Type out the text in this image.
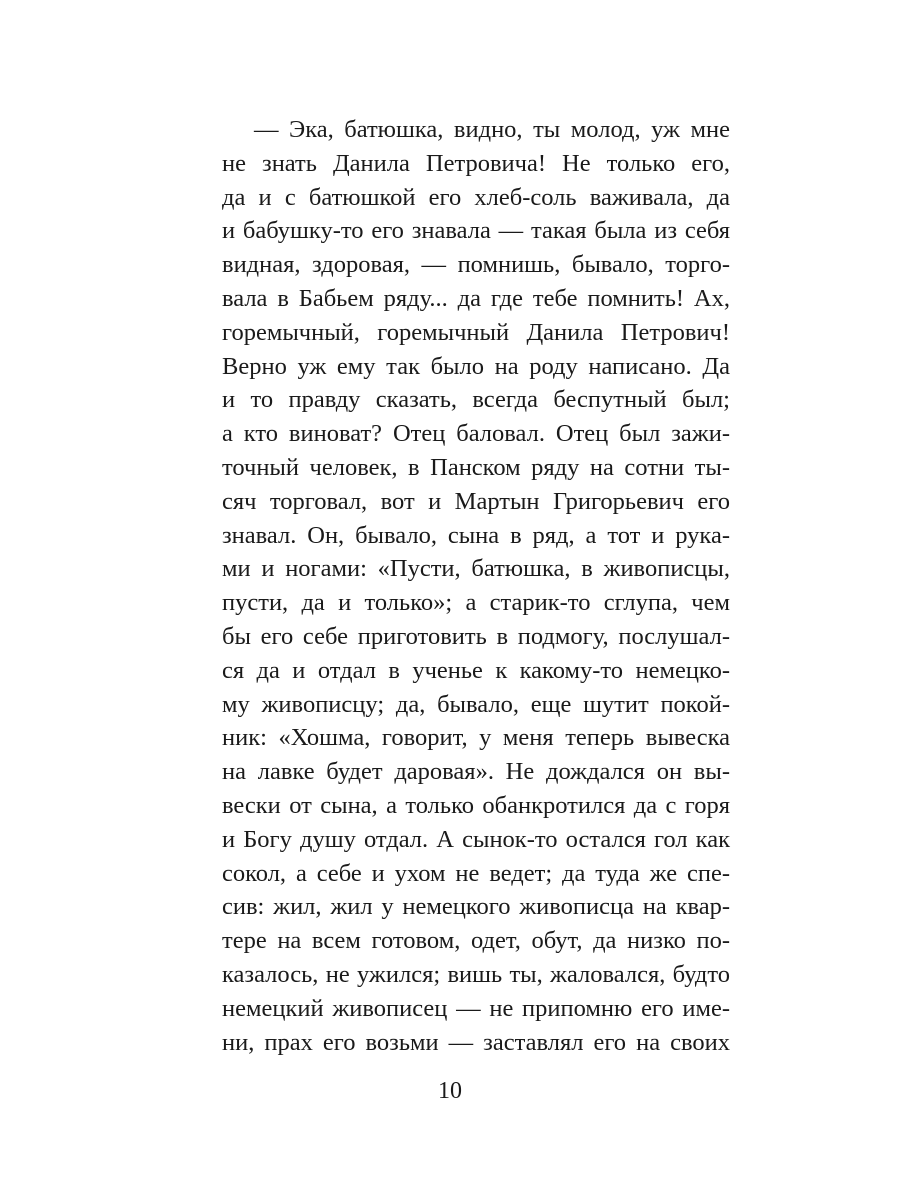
— Эка, батюшка, видно, ты молод, уж мне
не знать Данила Петровича! Не только его,
да и с батюшкой его хлеб-соль важивала, да
и бабушку-то его знавала — такая была из себя
видная, здоровая, — помнишь, бывало, торго-
вала в Бабьем ряду... да где тебе помнить! Ах,
горемычный, горемычный Данила Петрович!
Верно уж ему так было на роду написано. Да
и то правду сказать, всегда беспутный был;
а кто виноват? Отец баловал. Отец был зажи-
точный человек, в Панском ряду на сотни ты-
сяч торговал, вот и Мартын Григорьевич его
знавал. Он, бывало, сына в ряд, а тот и рука-
ми и ногами: «Пусти, батюшка, в живописцы,
пусти, да и только»; а старик-то сглупа, чем
бы его себе приготовить в подмогу, послушал-
ся да и отдал в ученье к какому-то немецко-
му живописцу; да, бывало, еще шутит покой-
ник: «Хошма, говорит, у меня теперь вывеска
на лавке будет даровая». Не дождался он вы-
вески от сына, а только обанкротился да с горя
и Богу душу отдал. А сынок-то остался гол как
сокол, а себе и ухом не ведет; да туда же спе-
сив: жил, жил у немецкого живописца на квар-
тере на всем готовом, одет, обут, да низко по-
казалось, не ужился; вишь ты, жаловался, будто
немецкий живописец — не припомню его име-
ни, прах его возьми — заставлял его на своих
10
